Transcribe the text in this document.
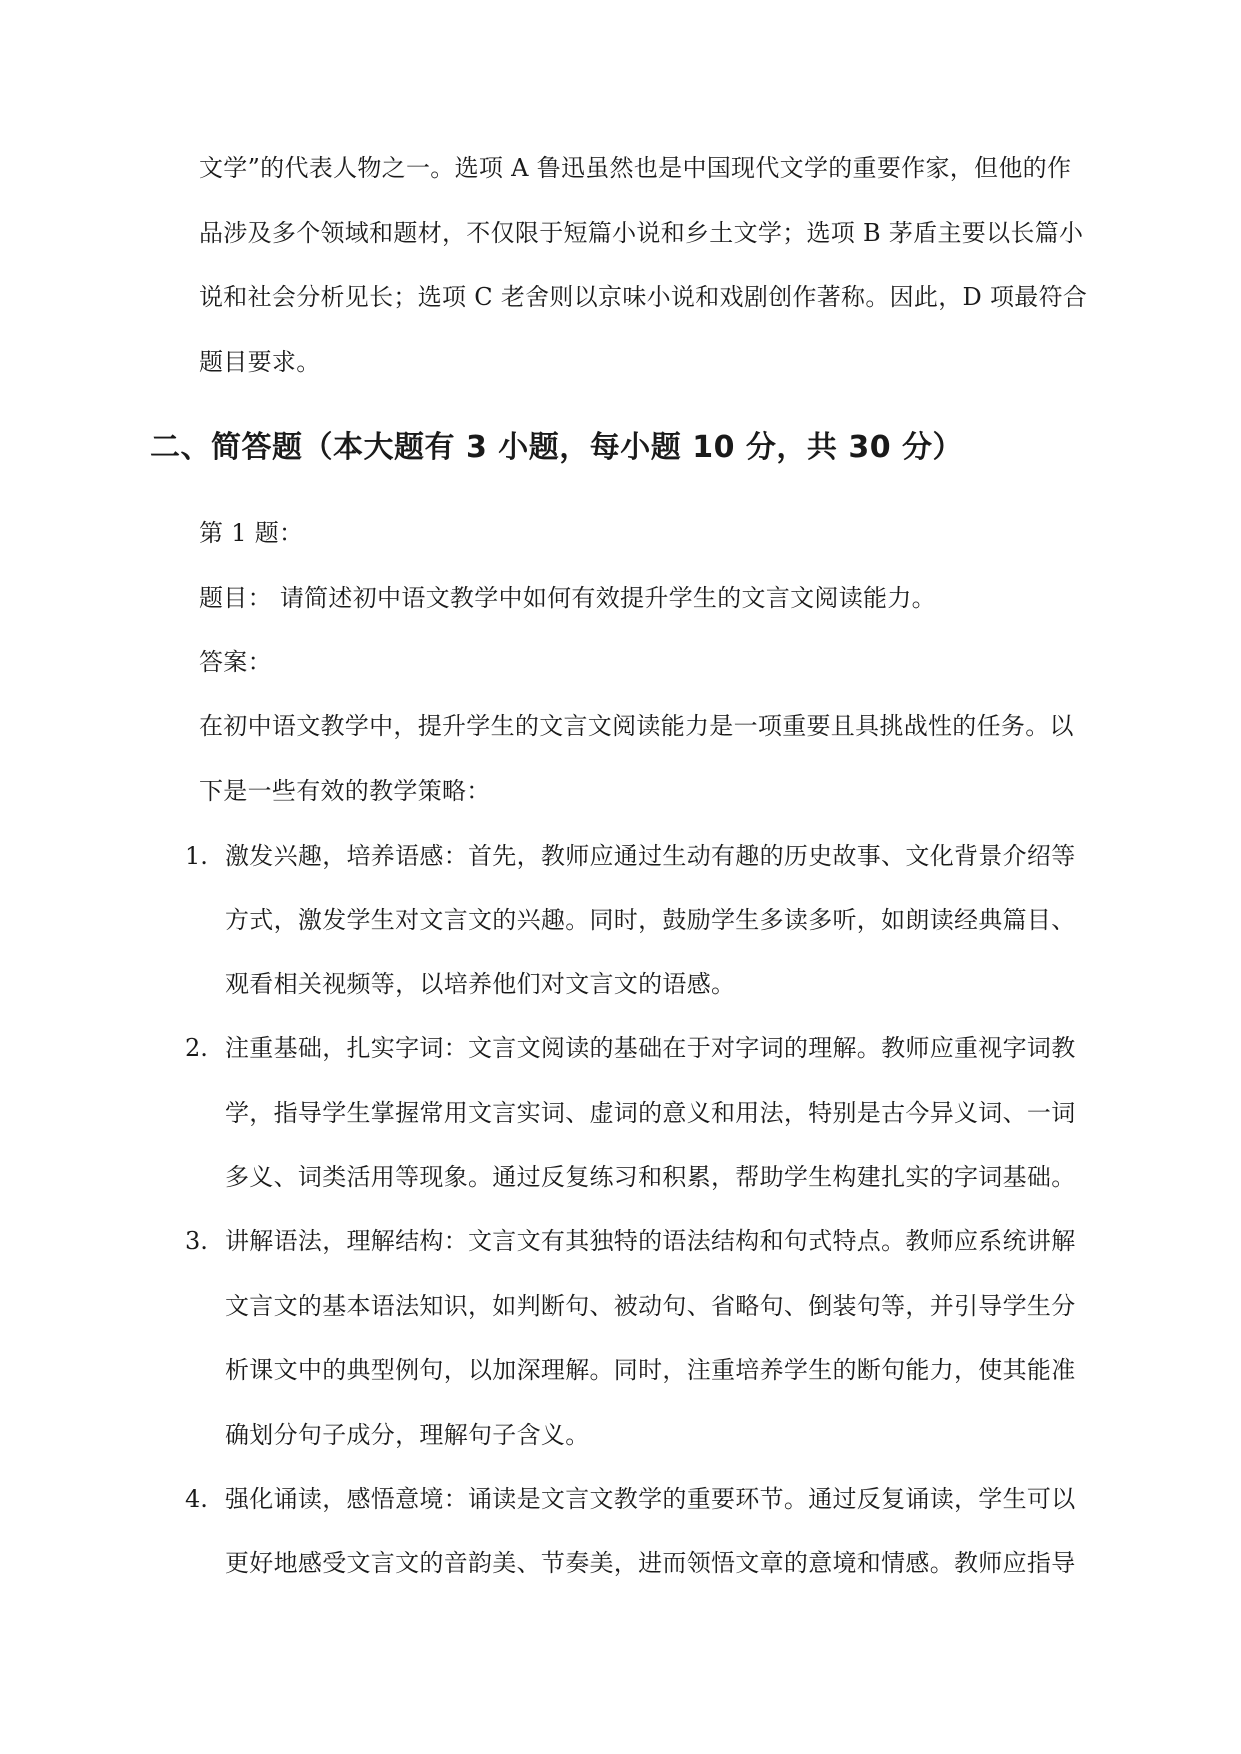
文学”的代表人物之一。选项 A 鲁迅虽然也是中国现代文学的重要作家，但他的作
品涉及多个领域和题材，不仅限于短篇小说和乡土文学；选项 B 茅盾主要以长篇小
说和社会分析见长；选项 C 老舍则以京味小说和戏剧创作著称。因此，D 项最符合
题目要求。
二、简答题（本大题有 3 小题，每小题 10 分，共 30 分）
第 1 题：
题目： 请简述初中语文教学中如何有效提升学生的文言文阅读能力。
答案：
在初中语文教学中，提升学生的文言文阅读能力是一项重要且具挑战性的任务。以
下是一些有效的教学策略：
1. 激发兴趣，培养语感：首先，教师应通过生动有趣的历史故事、文化背景介绍等
方式，激发学生对文言文的兴趣。同时，鼓励学生多读多听，如朗读经典篇目、
观看相关视频等，以培养他们对文言文的语感。
2. 注重基础，扎实字词：文言文阅读的基础在于对字词的理解。教师应重视字词教
学，指导学生掌握常用文言实词、虚词的意义和用法，特别是古今异义词、一词
多义、词类活用等现象。通过反复练习和积累，帮助学生构建扎实的字词基础。
3. 讲解语法，理解结构：文言文有其独特的语法结构和句式特点。教师应系统讲解
文言文的基本语法知识，如判断句、被动句、省略句、倒装句等，并引导学生分
析课文中的典型例句，以加深理解。同时，注重培养学生的断句能力，使其能准
确划分句子成分，理解句子含义。
4. 强化诵读，感悟意境：诵读是文言文教学的重要环节。通过反复诵读，学生可以
更好地感受文言文的音韵美、节奏美，进而领悟文章的意境和情感。教师应指导
